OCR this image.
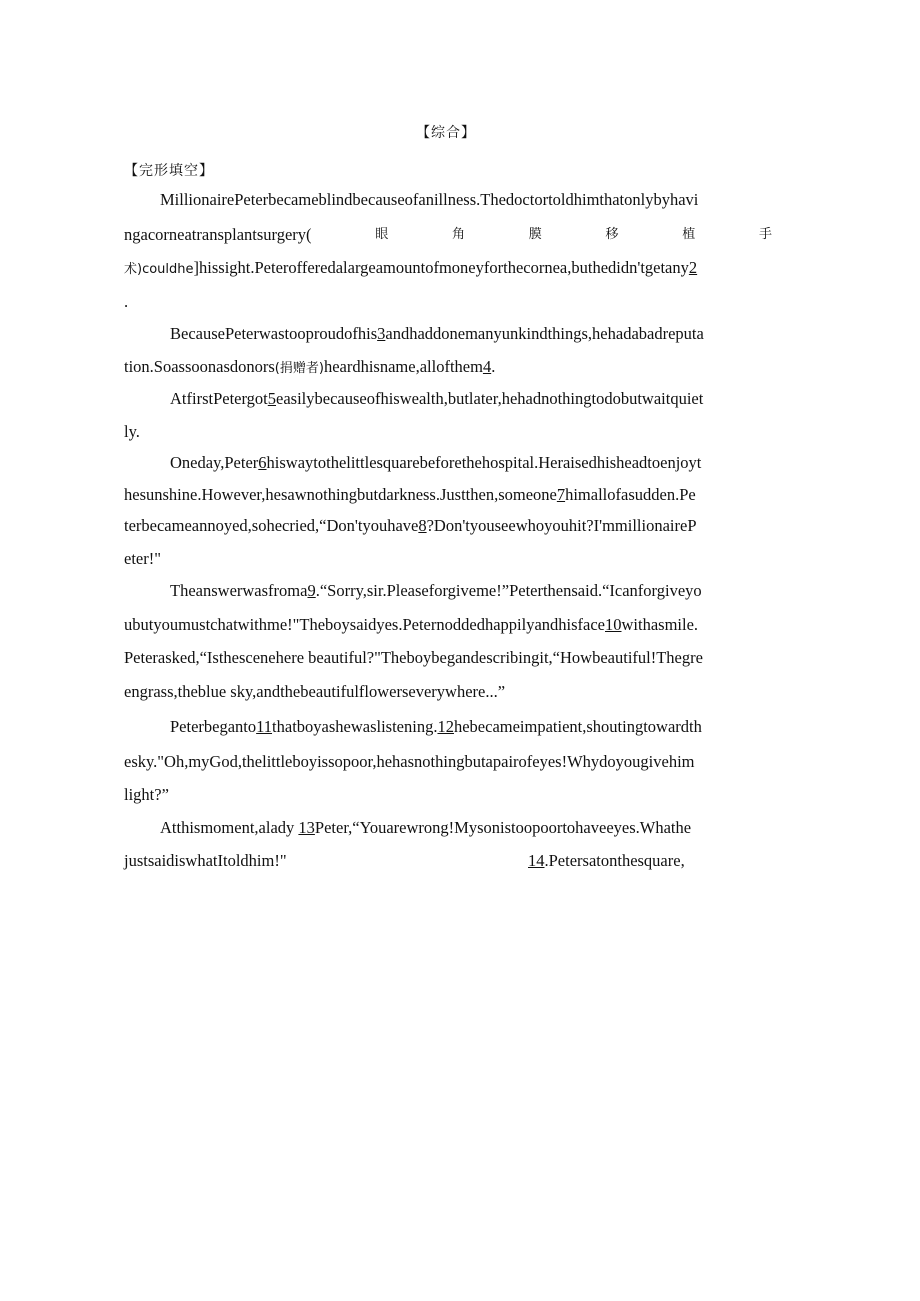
【综合】
【完形填空】
MillionairePeterbecameblindbecauseofanillness.Thedoctortoldhimthatonlybyhavi
ngacorneatransplantsurgery(	眼	角	膜	移	植	手
术)couldhe]hissight.Peterofferedalargeamountofmoneyforthecornea,buthedidn'tgetany2
.
BecausePeterwastooproudofhis3andhaddonemanyunkindthings,hehadabadreputa
tion.Soassoonasdonors(捐赠者)heardhisname,allofthem4.
AtfirstPetergot5easilybecauseofhiswealth,butlater,hehadnothingtodobutwaitquiet
ly.
Oneday,Peter6hiswaytothelittlesquarebeforethehospital.Heraisedhisheadtoenjoyt
hesunshine.However,hesawnothingbutdarkness.Justthen,someone7himallofasudden.Pe
terbecameannoyed,sohecried,“Don'tyouhave8?Don'tyouseewhoyouhit?I'mmillionaireP
eter!"
Theanswerwasfroma9.“Sorry,sir.Pleaseforgiveme!”Peterthensaid.“Icanforgiveyo
ubutyoumustchatwithme!"Theboysaidyes.Peternoddedhappilyandhisface10withasmile.
Peterasked,“Isthescenehere beautiful?"Theboybegandescribingit,“Howbeautiful!Thegre
engrass,theblue sky,andthebeautifulflowerseverywhere...”
Peterbeganto11thatboyashewaslistening.12hebecameimpatient,shoutingtowardth
esky."Oh,myGod,thelittleboyissopoor,hehasnothingbutapairofeyes!Whydoyougivehim
light?”
Atthismoment,alady 13Peter,“Youarewrong!Mysonistoopoortohaveeyes.Whathe
justsaidiswhatItoldhim!"	14.Petersatonthesquare,
